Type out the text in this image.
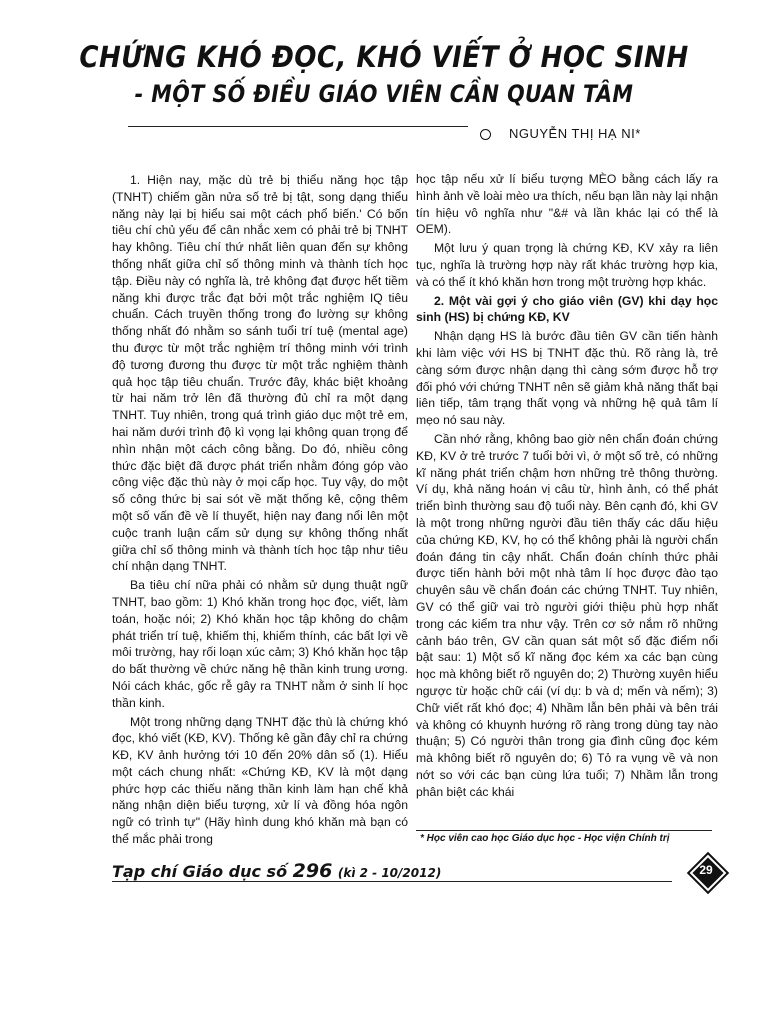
CHỨNG KHÓ ĐỌC, KHÓ VIẾT Ở HỌC SINH
- MỘT SỐ ĐIỀU GIÁO VIÊN CẦN QUAN TÂM
NGUYỄN THỊ HẠ NI*

1. Hiện nay, mặc dù trẻ bị thiểu năng học tập (TNHT) chiếm gần nửa số trẻ bị tật, song dạng thiểu năng này lại bị hiểu sai một cách phổ biến.' Có bốn tiêu chí chủ yếu để cân nhắc xem có phải trẻ bị TNHT hay không. Tiêu chí thứ nhất liên quan đến sự không thống nhất giữa chỉ số thông minh và thành tích học tập. Điều này có nghĩa là, trẻ không đạt được hết tiềm năng khi được trắc đạt bởi một trắc nghiệm IQ tiêu chuẩn. Cách truyền thống trong đo lường sự không thống nhất đó nhằm so sánh tuổi trí tuệ (mental age) thu được từ một trắc nghiệm trí thông minh với trình độ tương đương thu được từ một trắc nghiệm thành quả học tập tiêu chuẩn. Trước đây, khác biệt khoảng từ hai năm trở lên đã thường đủ chỉ ra một dạng TNHT. Tuy nhiên, trong quá trình giáo dục một trẻ em, hai năm dưới trình độ kì vọng lại không quan trọng để nhìn nhận một cách công bằng. Do đó, nhiều công thức đặc biệt đã được phát triển nhằm đóng góp vào công việc đặc thù này ở mọi cấp học. Tuy vậy, do một số công thức bị sai sót về mặt thống kê, cộng thêm một số vấn đề về lí thuyết, hiện nay đang nổi lên một cuộc tranh luận cấm sử dụng sự không thống nhất giữa chỉ số thông minh và thành tích học tập như tiêu chí nhận dạng TNHT.

Ba tiêu chí nữa phải có nhằm sử dụng thuật ngữ TNHT, bao gồm: 1) Khó khăn trong học đọc, viết, làm toán, hoặc nói; 2) Khó khăn học tập không do chậm phát triển trí tuệ, khiếm thị, khiếm thính, các bất lợi về môi trường, hay rối loạn xúc cảm; 3) Khó khăn học tập do bất thường về chức năng hệ thần kinh trung ương. Nói cách khác, gốc rễ gây ra TNHT nằm ở sinh lí học thần kinh.

Một trong những dạng TNHT đặc thù là chứng khó đọc, khó viết (KĐ, KV). Thống kê gần đây chỉ ra chứng KĐ, KV ảnh hưởng tới 10 đến 20% dân số (1). Hiểu một cách chung nhất: «Chứng KĐ, KV là một dạng phức hợp các thiếu năng thần kinh làm hạn chế khả năng nhận diện biểu tượng, xử lí và đồng hóa ngôn ngữ có trình tự" (Hãy hình dung khó khăn mà bạn có thể mắc phải trong

học tập nếu xử lí biểu tượng MÈO bằng cách lấy ra hình ảnh về loài mèo ưa thích, nếu bạn lần này lại nhận tín hiệu vô nghĩa như "&# và lần khác lại có thể là OEM).

Một lưu ý quan trọng là chứng KĐ, KV xảy ra liên tục, nghĩa là trường hợp này rất khác trường hợp kia, và có thể ít khó khăn hơn trong một trường hợp khác.

2. Một vài gợi ý cho giáo viên (GV) khi dạy học sinh (HS) bị chứng KĐ, KV

Nhận dạng HS là bước đầu tiên GV cần tiến hành khi làm việc với HS bị TNHT đặc thù. Rõ ràng là, trẻ càng sớm được nhận dạng thì càng sớm được hỗ trợ đối phó với chứng TNHT nên sẽ giảm khả năng thất bại liên tiếp, tâm trạng thất vọng và những hệ quả tâm lí mẹo nó sau này.

Cần nhớ rằng, không bao giờ nên chẩn đoán chứng KĐ, KV ở trẻ trước 7 tuổi bởi vì, ở một số trẻ, có những kĩ năng phát triển chậm hơn những trẻ thông thường. Ví dụ, khả năng hoán vị câu từ, hình ảnh, có thể phát triển bình thường sau độ tuổi này. Bên cạnh đó, khi GV là một trong những người đầu tiên thấy các dấu hiệu của chứng KĐ, KV, họ có thể không phải là người chẩn đoán đáng tin cậy nhất. Chẩn đoán chính thức phải được tiến hành bởi một nhà tâm lí học được đào tạo chuyên sâu về chẩn đoán các chứng TNHT. Tuy nhiên, GV có thể giữ vai trò người giới thiệu phù hợp nhất trong các kiểm tra như vậy. Trên cơ sở nắm rõ những cảnh báo trên, GV cần quan sát một số đặc điểm nổi bật sau: 1) Một số kĩ năng đọc kém xa các bạn cùng học mà không biết rõ nguyên do; 2) Thường xuyên hiểu ngược từ hoặc chữ cái (ví dụ: b và d; mến và nếm); 3) Chữ viết rất khó đọc; 4) Nhầm lẫn bên phải và bên trái và không có khuynh hướng rõ ràng trong dùng tay nào thuận; 5) Có người thân trong gia đình cũng đọc kém mà không biết rõ nguyên do; 6) Tỏ ra vụng về và non nớt so với các bạn cùng lứa tuổi; 7) Nhầm lẫn trong phân biệt các khái

* Học viên cao học Giáo dục học - Học viện Chính trị
Tạp chí Giáo dục số 296 (kì 2 - 10/2012)	29
